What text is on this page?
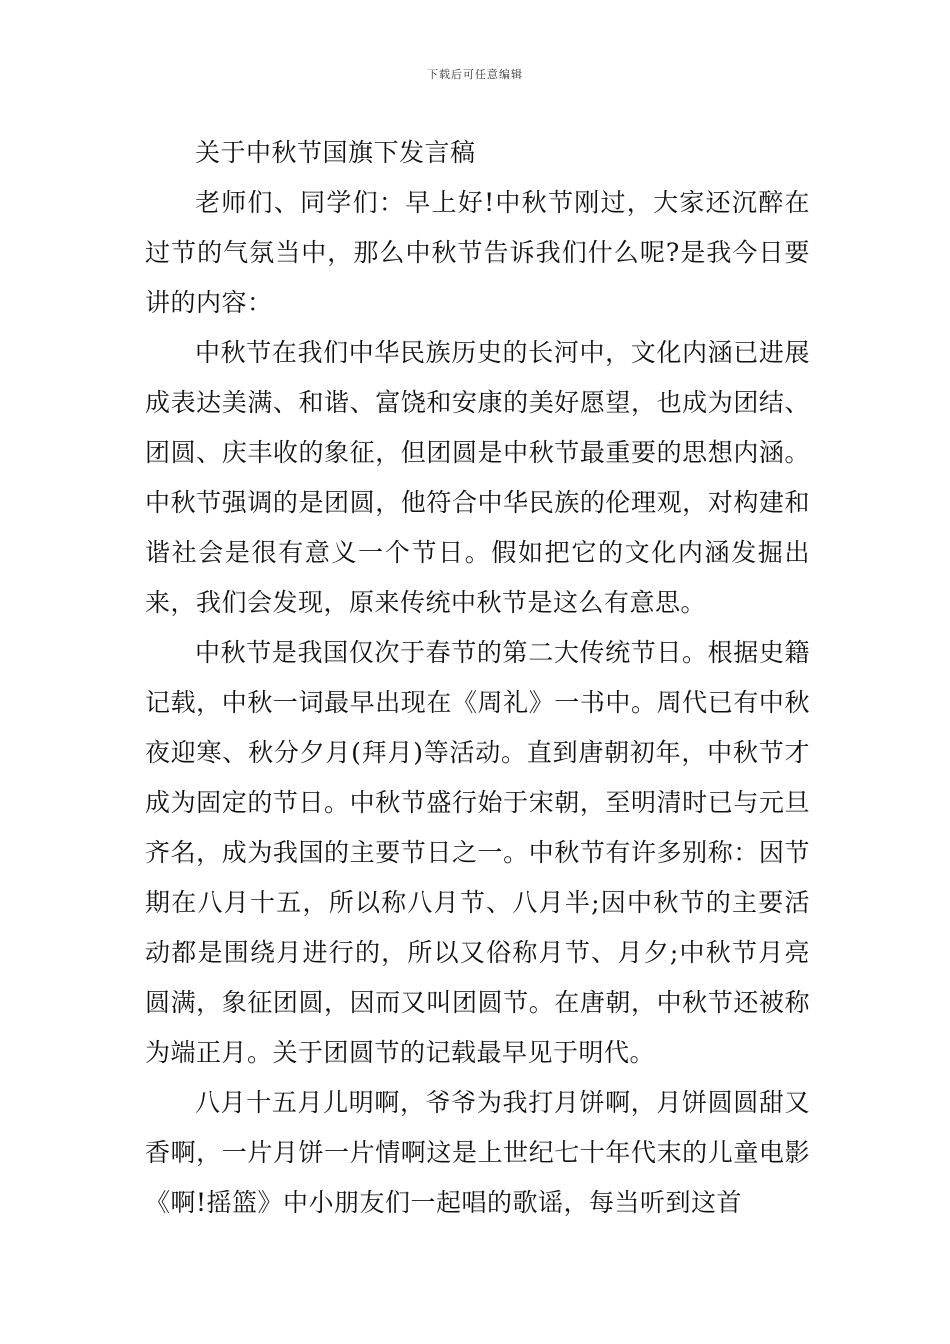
下载后可任意编辑

关于中秋节国旗下发言稿

老师们、同学们：早上好!中秋节刚过，大家还沉醉在过节的气氛当中，那么中秋节告诉我们什么呢?是我今日要讲的内容：

中秋节在我们中华民族历史的长河中，文化内涵已进展成表达美满、和谐、富饶和安康的美好愿望，也成为团结、团圆、庆丰收的象征，但团圆是中秋节最重要的思想内涵。中秋节强调的是团圆，他符合中华民族的伦理观，对构建和谐社会是很有意义一个节日。假如把它的文化内涵发掘出来，我们会发现，原来传统中秋节是这么有意思。

中秋节是我国仅次于春节的第二大传统节日。根据史籍记载，中秋一词最早出现在《周礼》一书中。周代已有中秋夜迎寒、秋分夕月(拜月)等活动。直到唐朝初年，中秋节才成为固定的节日。中秋节盛行始于宋朝，至明清时已与元旦齐名，成为我国的主要节日之一。中秋节有许多别称：因节期在八月十五，所以称八月节、八月半;因中秋节的主要活动都是围绕月进行的，所以又俗称月节、月夕;中秋节月亮圆满，象征团圆，因而又叫团圆节。在唐朝，中秋节还被称为端正月。关于团圆节的记载最早见于明代。

八月十五月儿明啊，爷爷为我打月饼啊，月饼圆圆甜又香啊，一片月饼一片情啊这是上世纪七十年代末的儿童电影《啊!摇篮》中小朋友们一起唱的歌谣，每当听到这首
